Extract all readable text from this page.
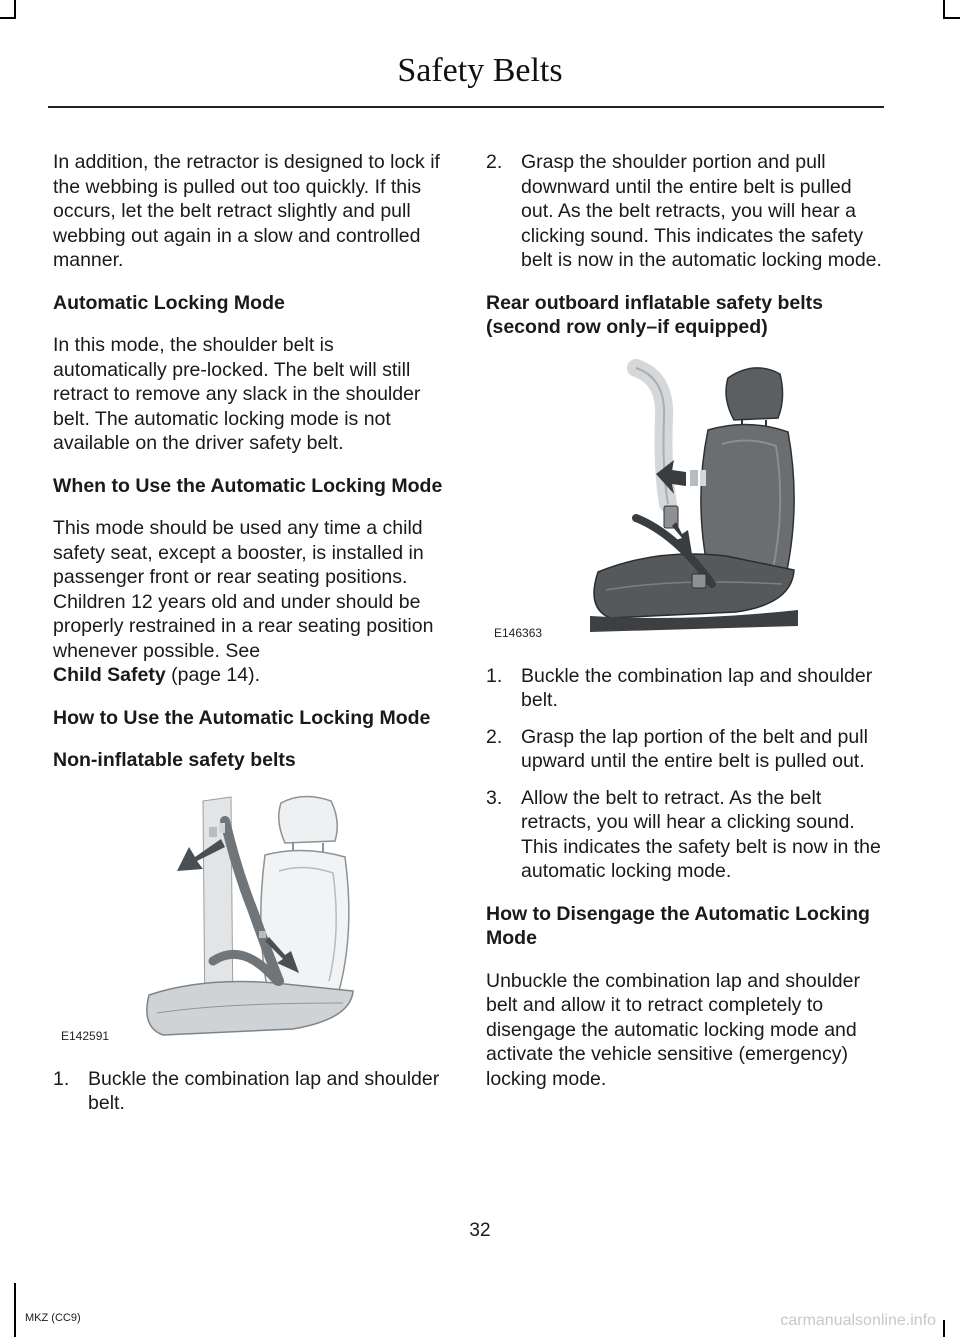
Safety Belts

In addition, the retractor is designed to lock if the webbing is pulled out too quickly. If this occurs, let the belt retract slightly and pull webbing out again in a slow and controlled manner.

Automatic Locking Mode

In this mode, the shoulder belt is automatically pre-locked. The belt will still retract to remove any slack in the shoulder belt. The automatic locking mode is not available on the driver safety belt.

When to Use the Automatic Locking Mode

This mode should be used any time a child safety seat, except a booster, is installed in passenger front or rear seating positions. Children 12 years old and under should be properly restrained in a rear seating position whenever possible. See
Child Safety (page 14).

How to Use the Automatic Locking Mode
Non-inflatable safety belts
E142591
1. Buckle the combination lap and shoulder belt.
2. Grasp the shoulder portion and pull downward until the entire belt is pulled out. As the belt retracts, you will hear a clicking sound. This indicates the safety belt is now in the automatic locking mode.
Rear outboard inflatable safety belts (second row only–if equipped)
E146363
1. Buckle the combination lap and shoulder belt.
2. Grasp the lap portion of the belt and pull upward until the entire belt is pulled out.
3. Allow the belt to retract. As the belt retracts, you will hear a clicking sound. This indicates the safety belt is now in the automatic locking mode.
How to Disengage the Automatic Locking Mode

Unbuckle the combination lap and shoulder belt and allow it to retract completely to disengage the automatic locking mode and activate the vehicle sensitive (emergency) locking mode.

32
MKZ (CC9)	carmanualsonline.info
